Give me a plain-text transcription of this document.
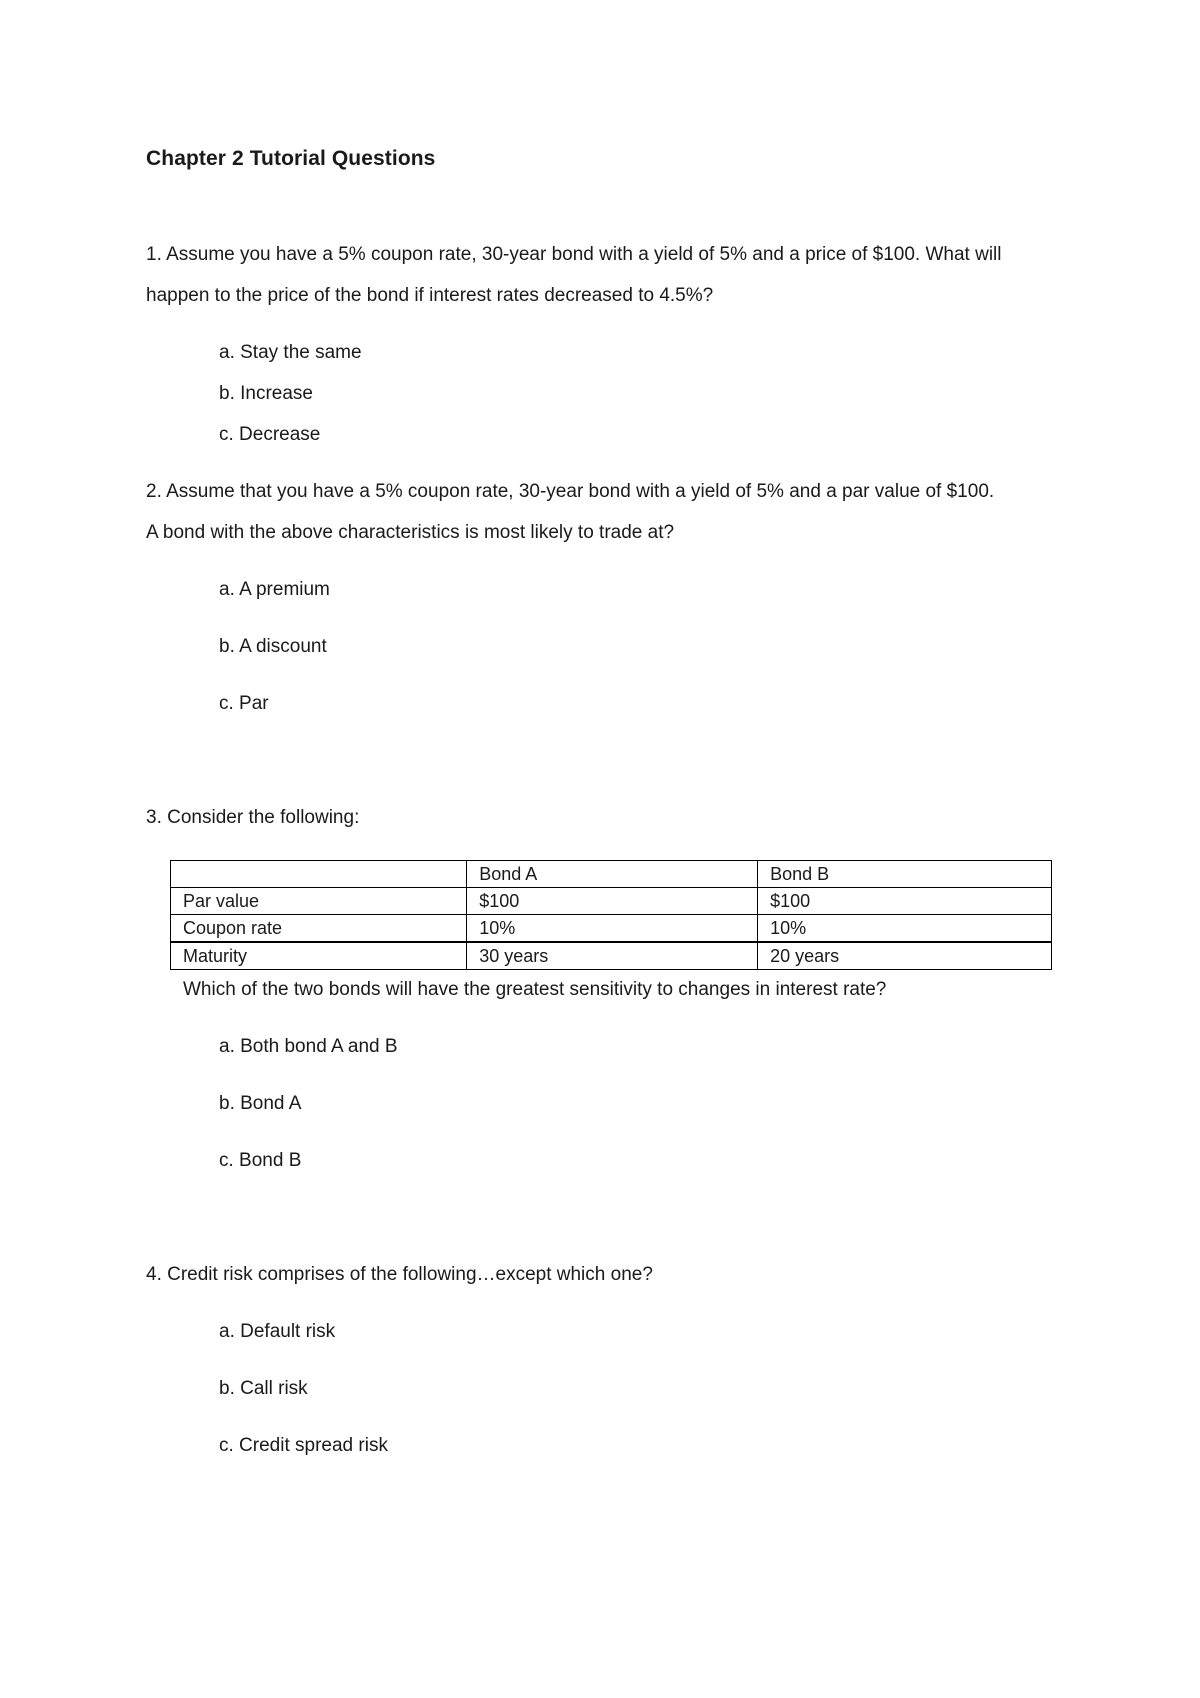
Chapter 2 Tutorial Questions
1. Assume you have a 5% coupon rate, 30-year bond with a yield of 5% and a price of $100. What will
happen to the price of the bond if interest rates decreased to 4.5%?
a. Stay the same
b. Increase
c. Decrease
2. Assume that you have a 5% coupon rate, 30-year bond with a yield of 5% and a par value of $100.
A bond with the above characteristics is most likely to trade at?
a. A premium
b. A discount
c. Par
3. Consider the following:
	Bond A	Bond B
Par value	$100	$100
Coupon rate	10%	10%
Maturity	30 years	20 years
Which of the two bonds will have the greatest sensitivity to changes in interest rate?
a. Both bond A and B
b. Bond A
c. Bond B
4. Credit risk comprises of the following…except which one?
a. Default risk
b. Call risk
c. Credit spread risk
